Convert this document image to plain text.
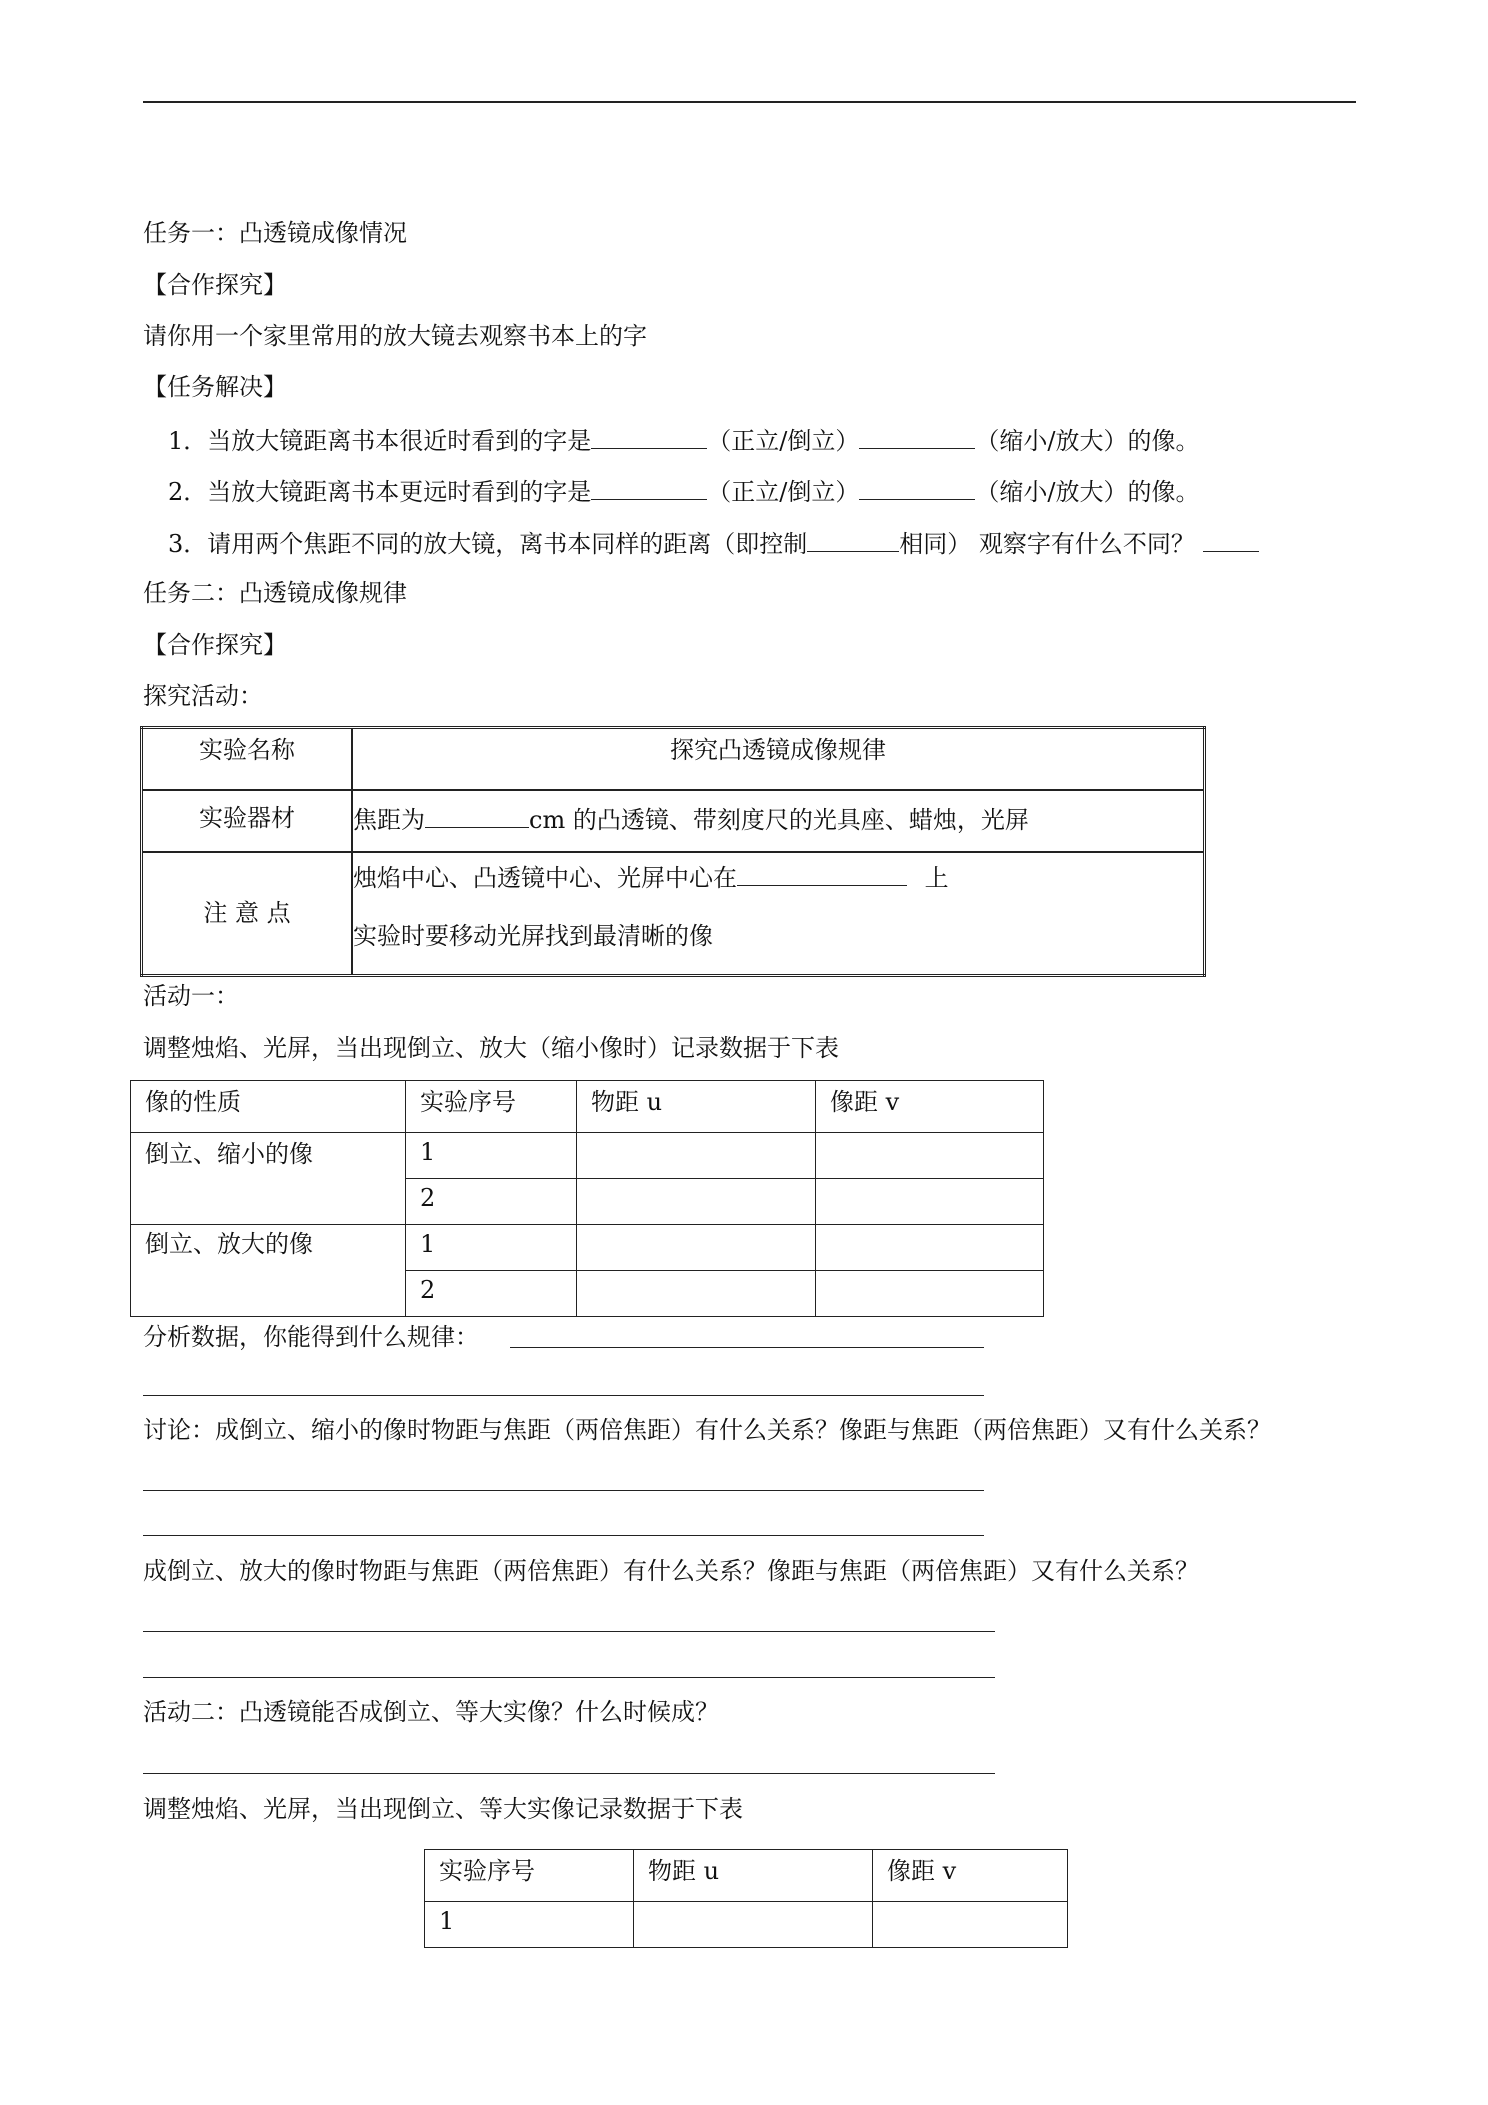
任务一：凸透镜成像情况
【合作探究】
请你用一个家里常用的放大镜去观察书本上的字
【任务解决】
1．当放大镜距离书本很近时看到的字是	（正立/倒立）	（缩小/放大）的像。
2．当放大镜距离书本更远时看到的字是	（正立/倒立）	（缩小/放大）的像。
3．请用两个焦距不同的放大镜，离书本同样的距离（即控制	相同） 观察字有什么不同？
任务二：凸透镜成像规律
【合作探究】
探究活动：
实验名称	探究凸透镜成像规律
实验器材	焦距为 cm 的凸透镜、带刻度尺的光具座、蜡烛，光屏
注 意 点	烛焰中心、凸透镜中心、光屏中心在 上
实验时要移动光屏找到最清晰的像
活动一：
调整烛焰、光屏，当出现倒立、放大（缩小像时）记录数据于下表
像的性质	实验序号	物距 u	像距 v
倒立、缩小的像	1		
	2		
倒立、放大的像	1		
	2		
分析数据，你能得到什么规律：
讨论：成倒立、缩小的像时物距与焦距（两倍焦距）有什么关系？像距与焦距（两倍焦距）又有什么关系？
成倒立、放大的像时物距与焦距（两倍焦距）有什么关系？像距与焦距（两倍焦距）又有什么关系？
活动二：凸透镜能否成倒立、等大实像？什么时候成？
调整烛焰、光屏，当出现倒立、等大实像记录数据于下表
实验序号	物距 u	像距 v
1		
